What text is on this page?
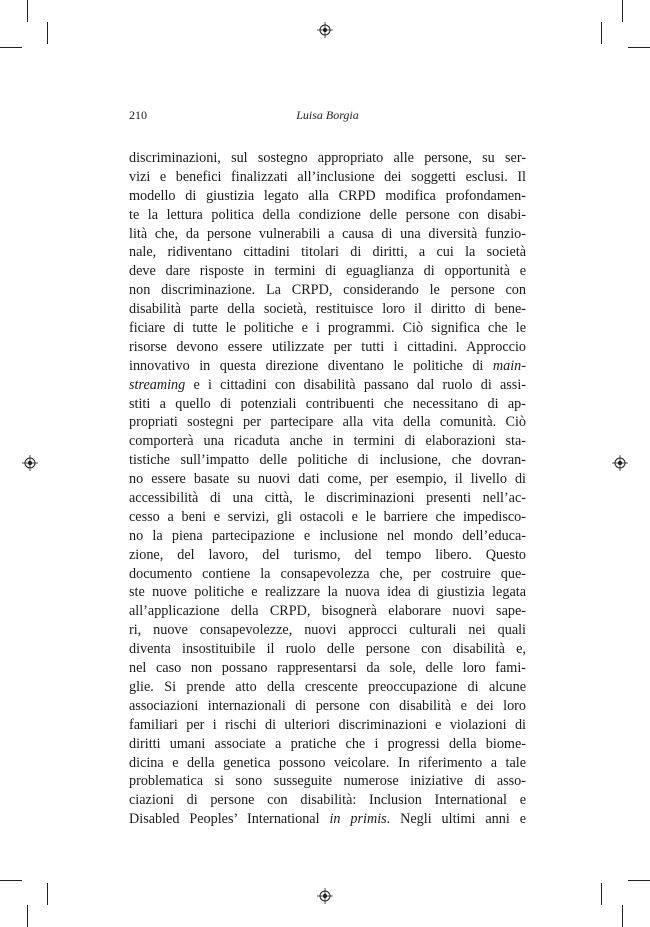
210	Luisa Borgia
discriminazioni, sul sostegno appropriato alle persone, su ser-
vizi e benefici finalizzati all’inclusione dei soggetti esclusi. Il
modello di giustizia legato alla CRPD modifica profondamen-
te la lettura politica della condizione delle persone con disabi-
lità che, da persone vulnerabili a causa di una diversità funzio-
nale, ridiventano cittadini titolari di diritti, a cui la società
deve dare risposte in termini di eguaglianza di opportunità e
non discriminazione. La CRPD, considerando le persone con
disabilità parte della società, restituisce loro il diritto di bene-
ficiare di tutte le politiche e i programmi. Ciò significa che le
risorse devono essere utilizzate per tutti i cittadini. Approccio
innovativo in questa direzione diventano le politiche di main-
streaming e i cittadini con disabilità passano dal ruolo di assi-
stiti a quello di potenziali contribuenti che necessitano di ap-
propriati sostegni per partecipare alla vita della comunità. Ciò
comporterà una ricaduta anche in termini di elaborazioni sta-
tistiche sull’impatto delle politiche di inclusione, che dovran-
no essere basate su nuovi dati come, per esempio, il livello di
accessibilità di una città, le discriminazioni presenti nell’ac-
cesso a beni e servizi, gli ostacoli e le barriere che impedisco-
no la piena partecipazione e inclusione nel mondo dell’educa-
zione, del lavoro, del turismo, del tempo libero. Questo
documento contiene la consapevolezza che, per costruire que-
ste nuove politiche e realizzare la nuova idea di giustizia legata
all’applicazione della CRPD, bisognerà elaborare nuovi sape-
ri, nuove consapevolezze, nuovi approcci culturali nei quali
diventa insostituibile il ruolo delle persone con disabilità e,
nel caso non possano rappresentarsi da sole, delle loro fami-
glie. Si prende atto della crescente preoccupazione di alcune
associazioni internazionali di persone con disabilità e dei loro
familiari per i rischi di ulteriori discriminazioni e violazioni di
diritti umani associate a pratiche che i progressi della biome-
dicina e della genetica possono veicolare. In riferimento a tale
problematica si sono susseguite numerose iniziative di asso-
ciazioni di persone con disabilità: Inclusion International e
Disabled Peoples’ International in primis. Negli ultimi anni e
